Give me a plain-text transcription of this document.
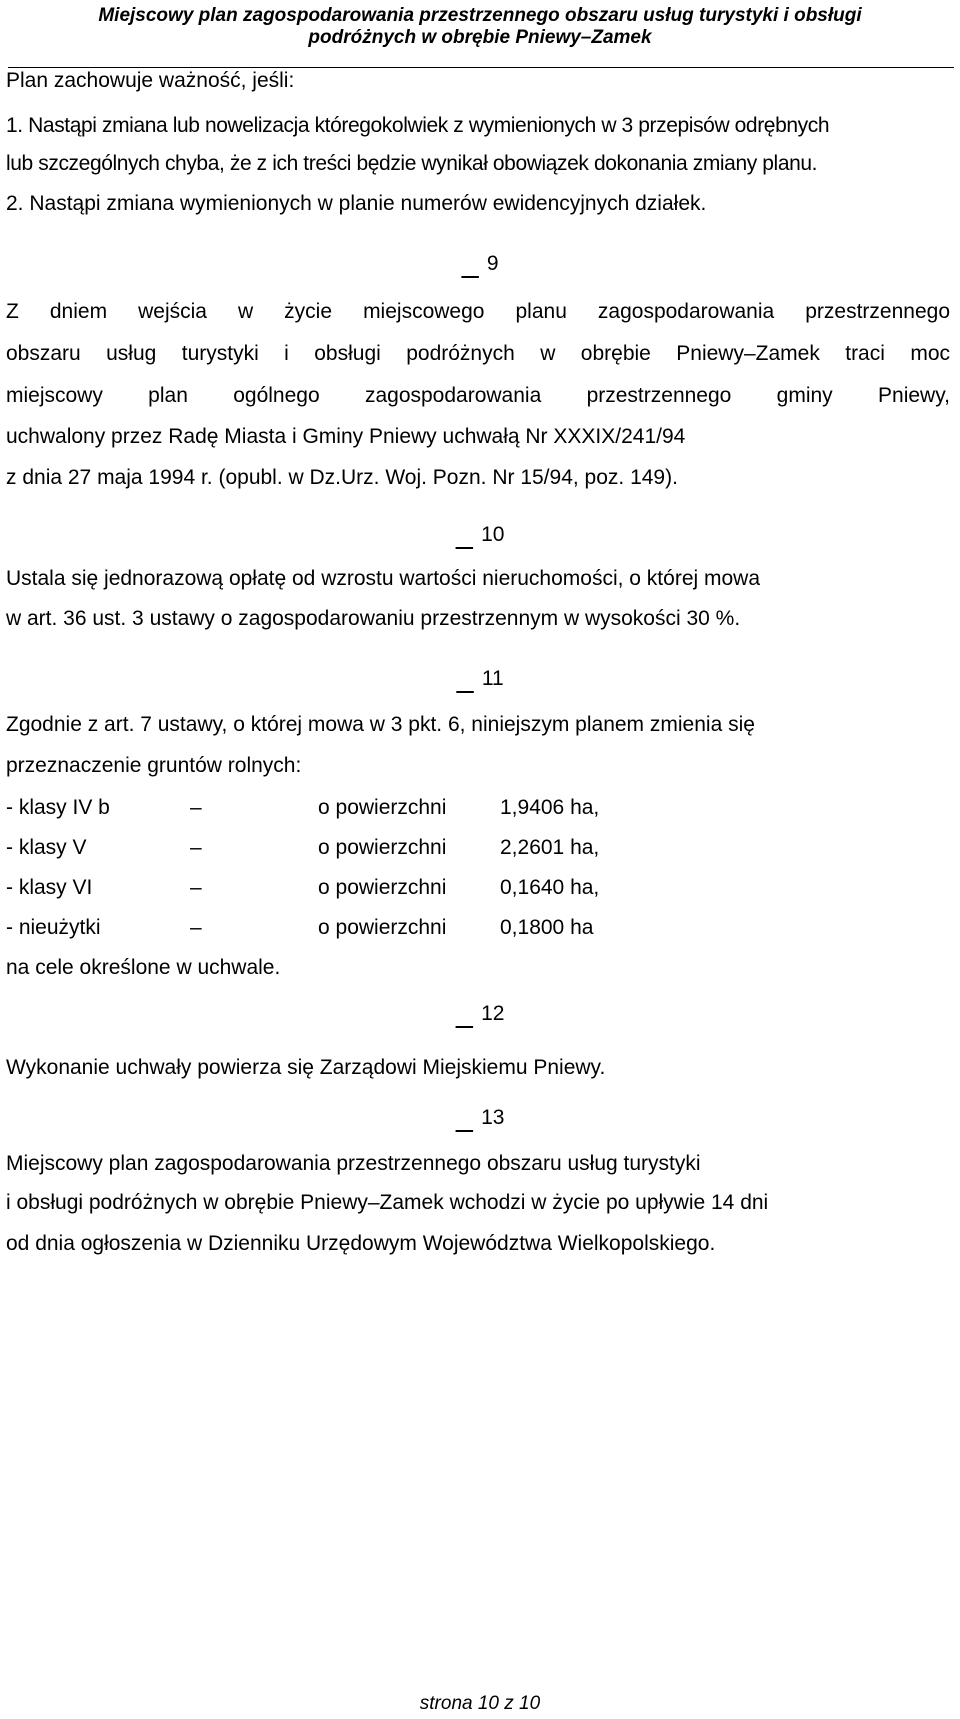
Miejscowy plan zagospodarowania przestrzennego obszaru usług turystyki i obsługi
podróżnych w obrębie Pniewy–Zamek
Plan zachowuje ważność, jeśli:
1. Nastąpi zmiana lub nowelizacja któregokolwiek z wymienionych w 3 przepisów odrębnych
lub szczególnych chyba, że z ich treści będzie wynikał obowiązek dokonania zmiany planu.
2. Nastąpi zmiana wymienionych w planie numerów ewidencyjnych działek.
9
Z dniem wejścia w życie miejscowego planu zagospodarowania przestrzennego
obszaru usług turystyki i obsługi podróżnych w obrębie Pniewy–Zamek traci moc
miejscowy plan ogólnego zagospodarowania przestrzennego gminy Pniewy,
uchwalony przez Radę Miasta i Gminy Pniewy uchwałą Nr XXXIX/241/94
z dnia 27 maja 1994 r. (opubl. w Dz.Urz. Woj. Pozn. Nr 15/94, poz. 149).
10
Ustala się jednorazową opłatę od wzrostu wartości nieruchomości, o której mowa
w art. 36 ust. 3 ustawy o zagospodarowaniu przestrzennym w wysokości 30 %.
11
Zgodnie z art. 7 ustawy, o której mowa w 3 pkt. 6, niniejszym planem zmienia się
przeznaczenie gruntów rolnych:
- klasy IV b	–	o powierzchni	1,9406 ha,
- klasy V	–	o powierzchni	2,2601 ha,
- klasy VI	–	o powierzchni	0,1640 ha,
- nieużytki	–	o powierzchni	0,1800 ha
na cele określone w uchwale.
12
Wykonanie uchwały powierza się Zarządowi Miejskiemu Pniewy.
13
Miejscowy plan zagospodarowania przestrzennego obszaru usług turystyki
i obsługi podróżnych w obrębie Pniewy–Zamek wchodzi w życie po upływie 14 dni
od dnia ogłoszenia w Dzienniku Urzędowym Województwa Wielkopolskiego.
strona 10 z 10
